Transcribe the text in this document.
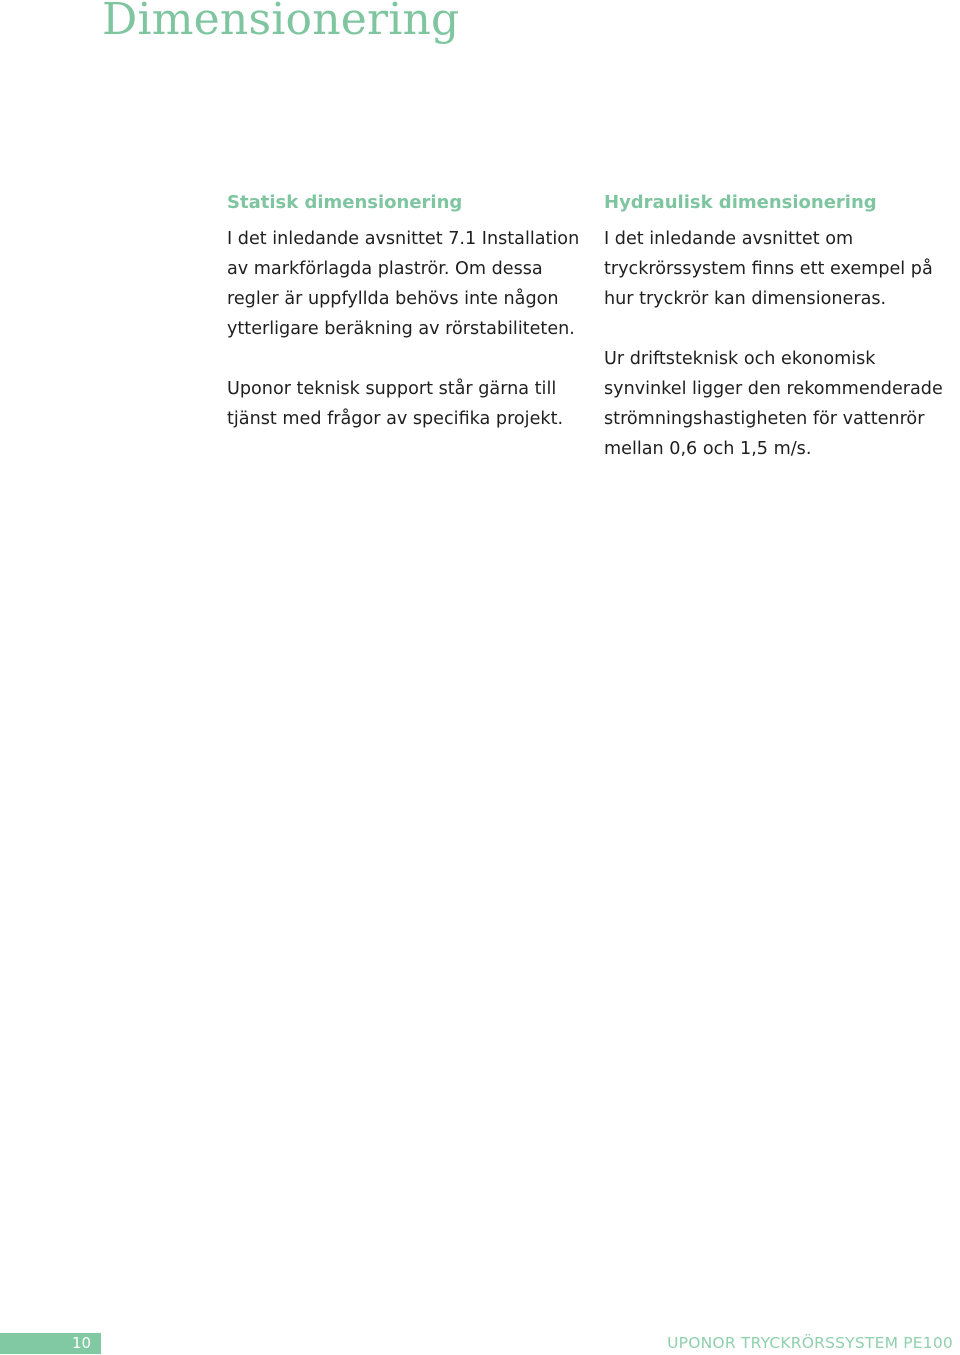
Dimensionering
Statisk dimensionering

I det inledande avsnittet 7.1 Installation av markförlagda plaströr. Om dessa regler är uppfyllda behövs inte någon ytterligare beräkning av rörstabiliteten.

Uponor teknisk support står gärna till tjänst med frågor av specifika projekt.

Hydraulisk dimensionering

I det inledande avsnittet om tryckrörssystem finns ett exempel på hur tryckrör kan dimensioneras.

Ur driftsteknisk och ekonomisk synvinkel ligger den rekommenderade strömningshastigheten för vattenrör mellan 0,6 och 1,5 m/s.

10	UPONOR TRYCKRÖRSSYSTEM PE100
